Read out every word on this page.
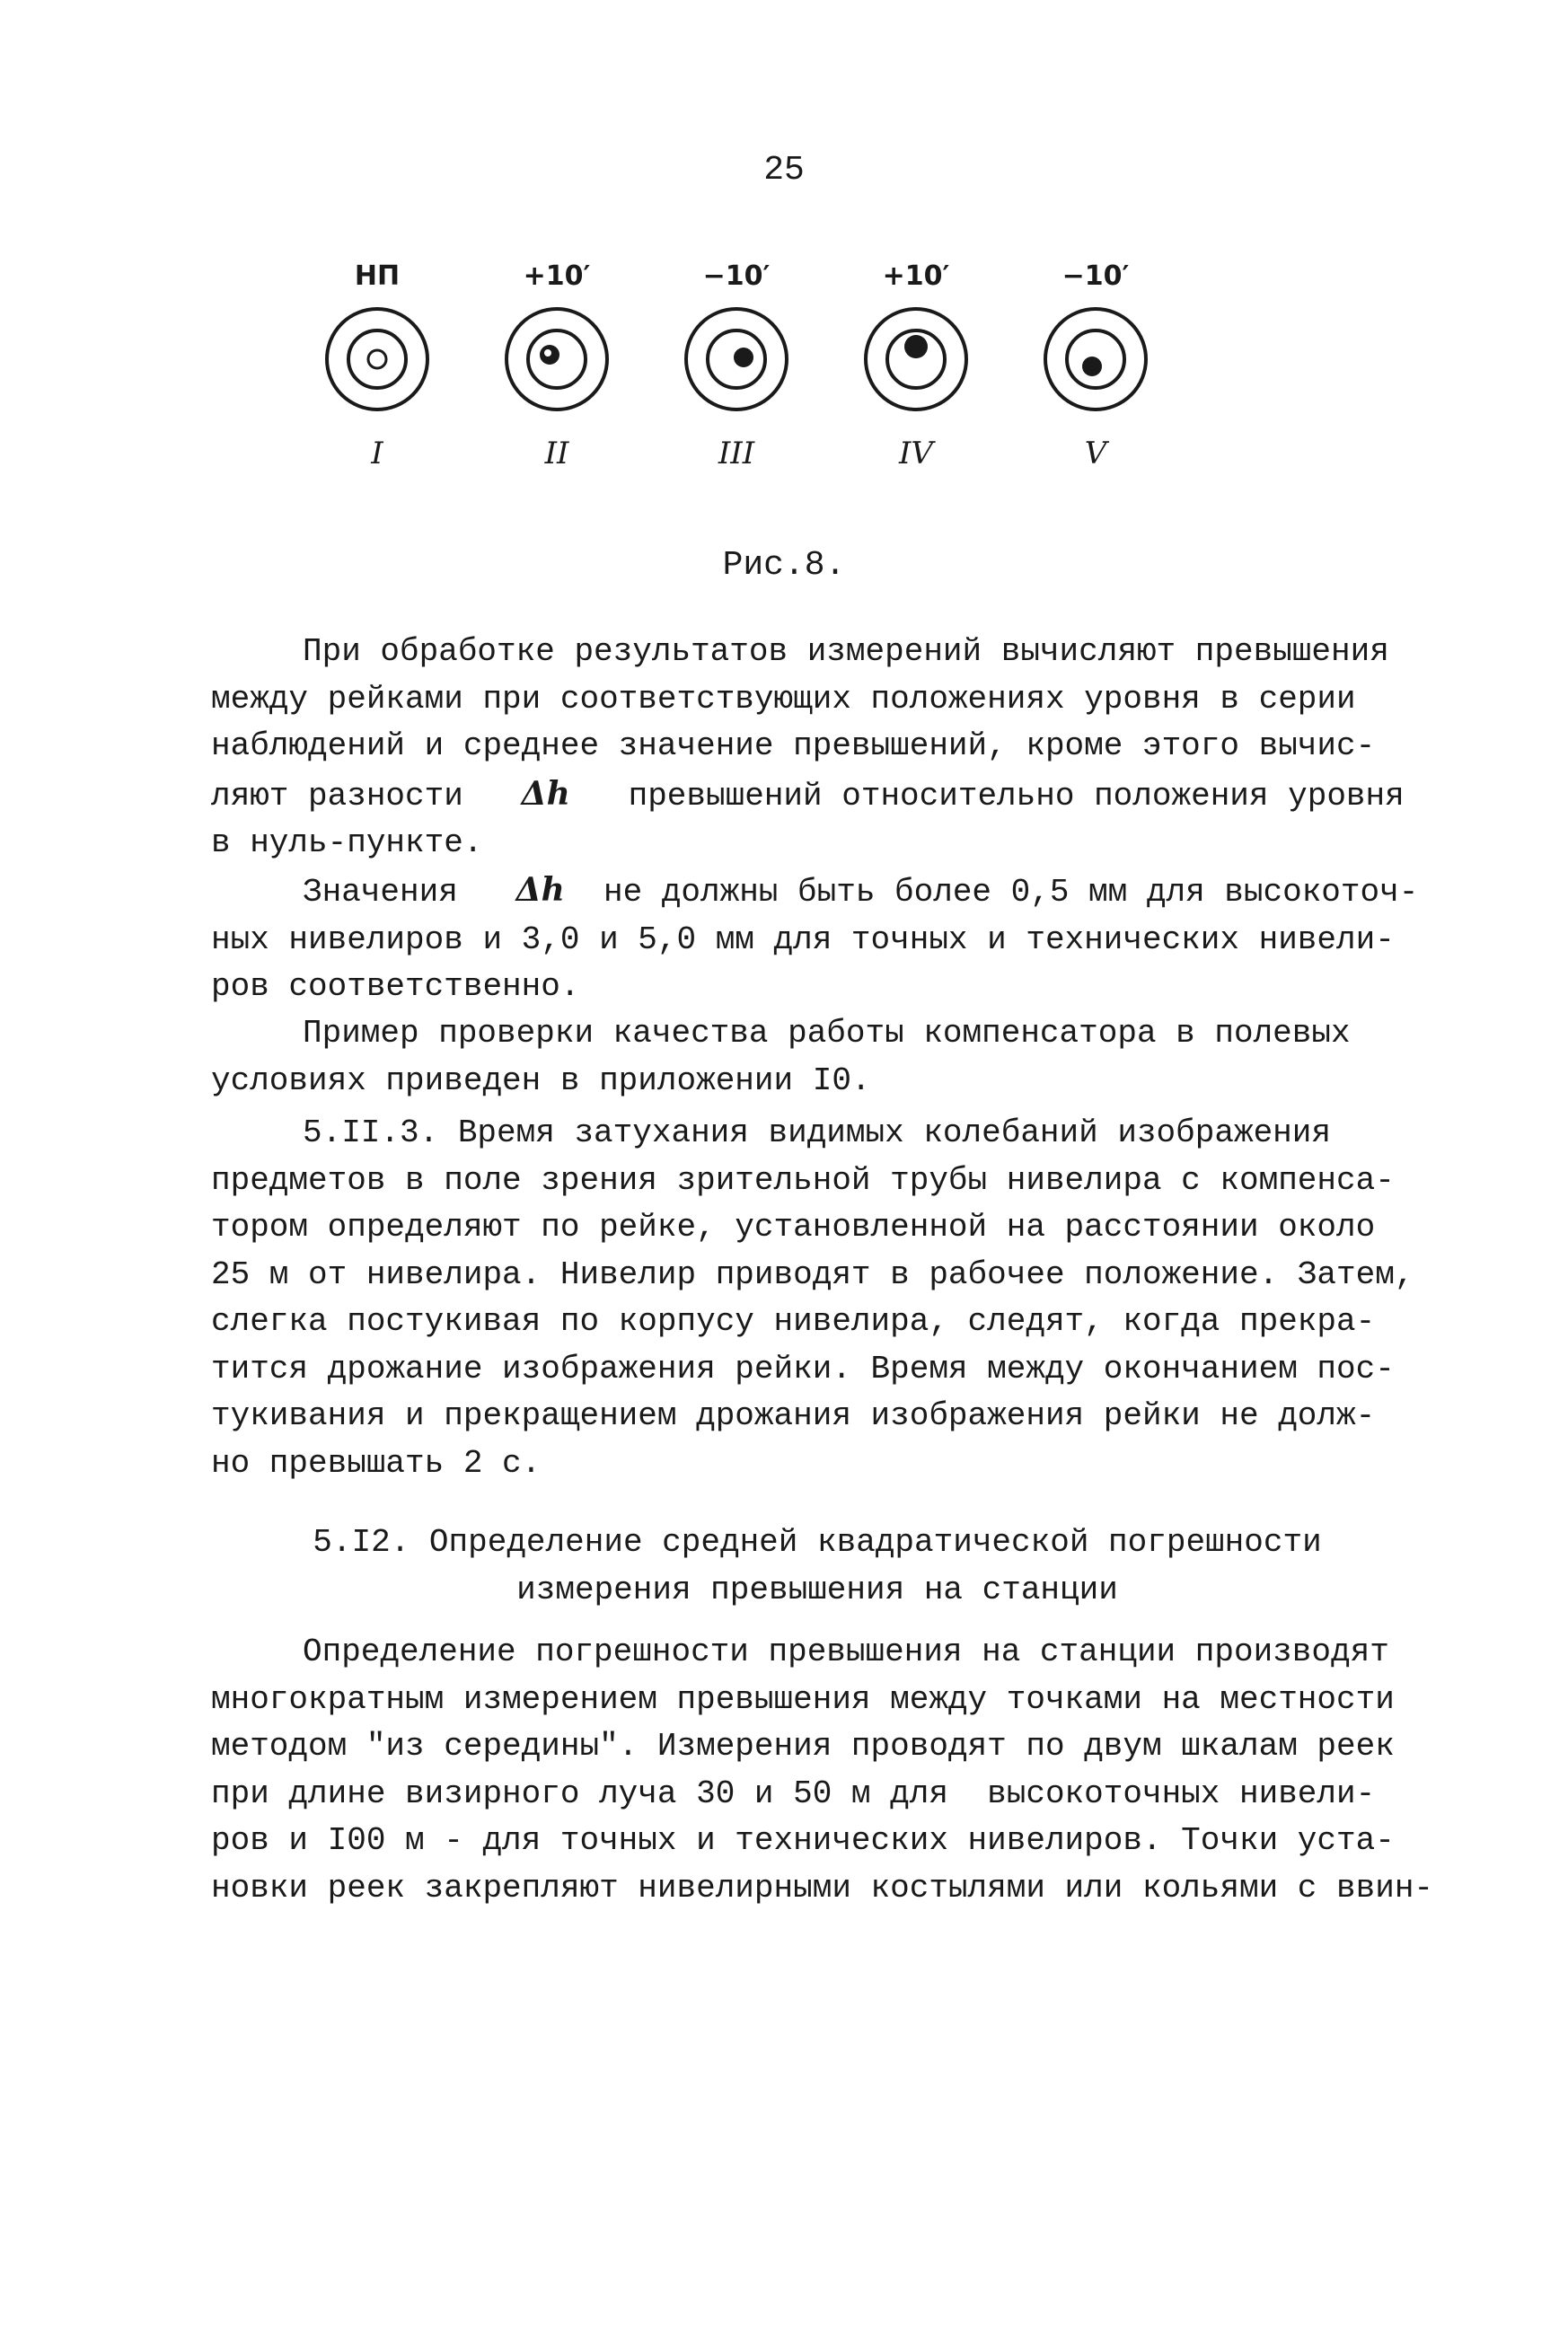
25
НП
I
+10′
II
−10′
III
+10′
IV
−10′
V
Рис.8.
При обработке результатов измерений вычисляют превышения
между рейками при соответствующих положениях уровня в серии
наблюдений и среднее значение превышений, кроме этого вычис-
ляют разности Δh превышений относительно положения уровня
в нуль-пункте.
Значения Δh не должны быть более 0,5 мм для высокоточ-
ных нивелиров и 3,0 и 5,0 мм для точных и технических нивели-
ров соответственно.
Пример проверки качества работы компенсатора в полевых
условиях приведен в приложении I0.
5.II.3. Время затухания видимых колебаний изображения
предметов в поле зрения зрительной трубы нивелира с компенса-
тором определяют по рейке, установленной на расстоянии около
25 м от нивелира. Нивелир приводят в рабочее положение. Затем,
слегка постукивая по корпусу нивелира, следят, когда прекра-
тится дрожание изображения рейки. Время между окончанием пос-
тукивания и прекращением дрожания изображения рейки не долж-
но превышать 2 с.
5.I2. Определение средней квадратической погрешности
измерения превышения на станции
Определение погрешности превышения на станции производят
многократным измерением превышения между точками на местности
методом "из середины". Измерения проводят по двум шкалам реек
при длине визирного луча 30 и 50 м для  высокоточных нивели-
ров и I00 м - для точных и технических нивелиров. Точки уста-
новки реек закрепляют нивелирными костылями или кольями с ввин-
